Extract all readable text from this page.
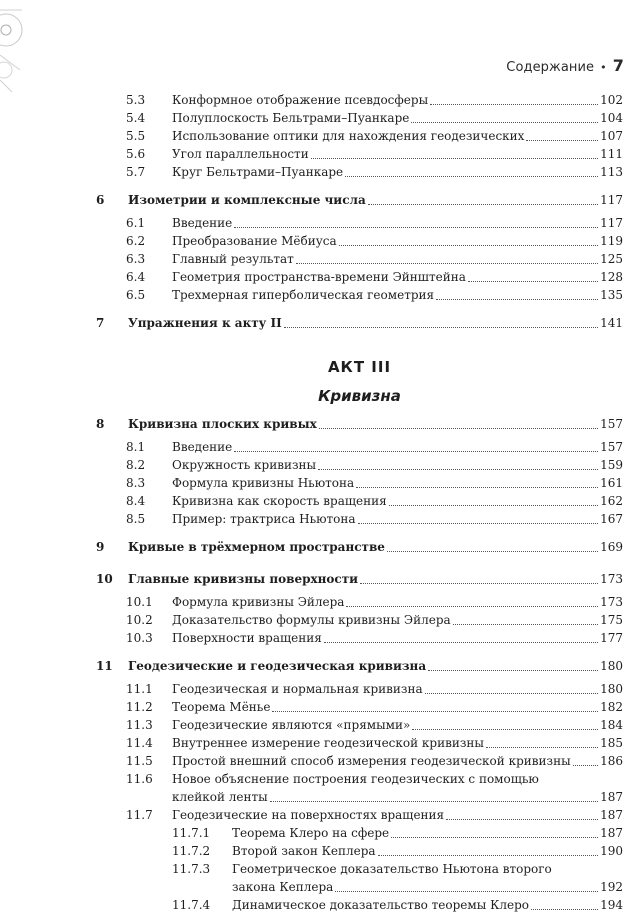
Содержание • 7
5.3	Конформное отображение псевдосферы	102
5.4	Полуплоскость Бельтрами–Пуанкаре	104
5.5	Использование оптики для нахождения геодезических	107
5.6	Угол параллельности	111
5.7	Круг Бельтрами–Пуанкаре	113
6	Изометрии и комплексные числа	117
6.1	Введение	117
6.2	Преобразование Мёбиуса	119
6.3	Главный результат	125
6.4	Геометрия пространства-времени Эйнштейна	128
6.5	Трехмерная гиперболическая геометрия	135
7	Упражнения к акту II	141
АКТ III
Кривизна
8	Кривизна плоских кривых	157
8.1	Введение	157
8.2	Окружность кривизны	159
8.3	Формула кривизны Ньютона	161
8.4	Кривизна как скорость вращения	162
8.5	Пример: трактриса Ньютона	167
9	Кривые в трёхмерном пространстве	169
10	Главные кривизны поверхности	173
10.1	Формула кривизны Эйлера	173
10.2	Доказательство формулы кривизны Эйлера	175
10.3	Поверхности вращения	177
11	Геодезические и геодезическая кривизна	180
11.1	Геодезическая и нормальная кривизна	180
11.2	Теорема Мёнье	182
11.3	Геодезические являются «прямыми»	184
11.4	Внутреннее измерение геодезической кривизны	185
11.5	Простой внешний способ измерения геодезической кривизны 186
11.6	Новое объяснение построения геодезических с помощью
клейкой ленты	187
11.7	Геодезические на поверхностях вращения	187
11.7.1	Теорема Клеро на сфере	187
11.7.2	Второй закон Кеплера	190
11.7.3	Геометрическое доказательство Ньютона второго
закона Кеплера	192
11.7.4	Динамическое доказательство теоремы Клеро	194
